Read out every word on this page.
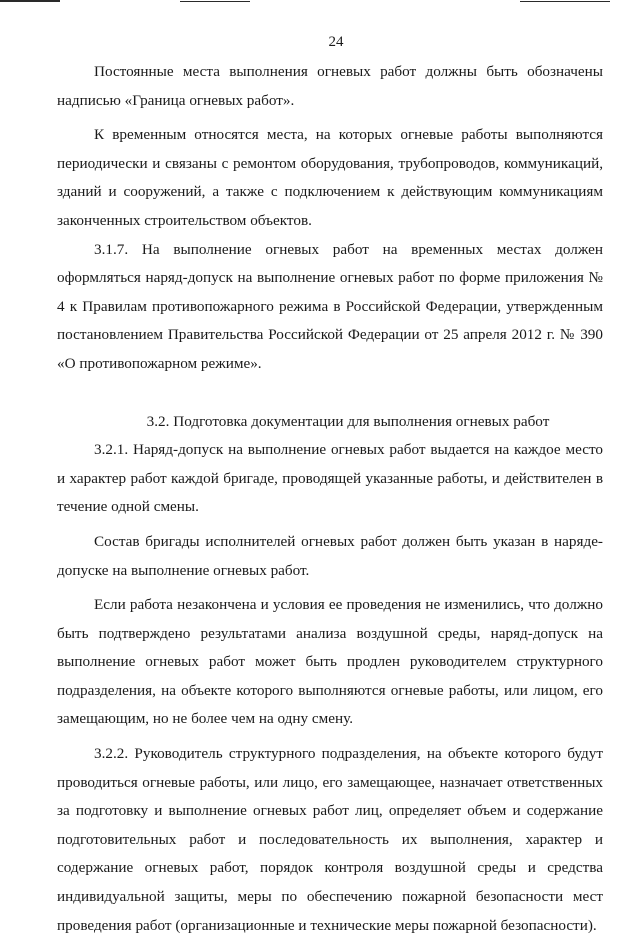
24

Постоянные места выполнения огневых работ должны быть обозначены надписью «Граница огневых работ».

К временным относятся места, на которых огневые работы выполняются периодически и связаны с ремонтом оборудования, трубопроводов, коммуникаций, зданий и сооружений, а также с подключением к действующим коммуникациям законченных строительством объектов.

3.1.7. На выполнение огневых работ на временных местах должен оформляться наряд-допуск на выполнение огневых работ по форме приложения № 4 к Правилам противопожарного режима в Российской Федерации, утвержденным постановлением Правительства Российской Федерации от 25 апреля 2012 г. № 390 «О противопожарном режиме».

3.2. Подготовка документации для выполнения огневых работ

3.2.1. Наряд-допуск на выполнение огневых работ выдается на каждое место и характер работ каждой бригаде, проводящей указанные работы, и действителен в течение одной смены.

Состав бригады исполнителей огневых работ должен быть указан в наряде-допуске на выполнение огневых работ.

Если работа незакончена и условия ее проведения не изменились, что должно быть подтверждено результатами анализа воздушной среды, наряд-допуск на выполнение огневых работ может быть продлен руководителем структурного подразделения, на объекте которого выполняются огневые работы, или лицом, его замещающим, но не более чем на одну смену.

3.2.2. Руководитель структурного подразделения, на объекте которого будут проводиться огневые работы, или лицо, его замещающее, назначает ответственных за подготовку и выполнение огневых работ лиц, определяет объем и содержание подготовительных работ и последовательность их выполнения, характер и содержание огневых работ, порядок контроля воздушной среды и средства индивидуальной защиты, меры по обеспечению пожарной безопасности мест проведения работ (организационные и технические меры пожарной безопасности).
